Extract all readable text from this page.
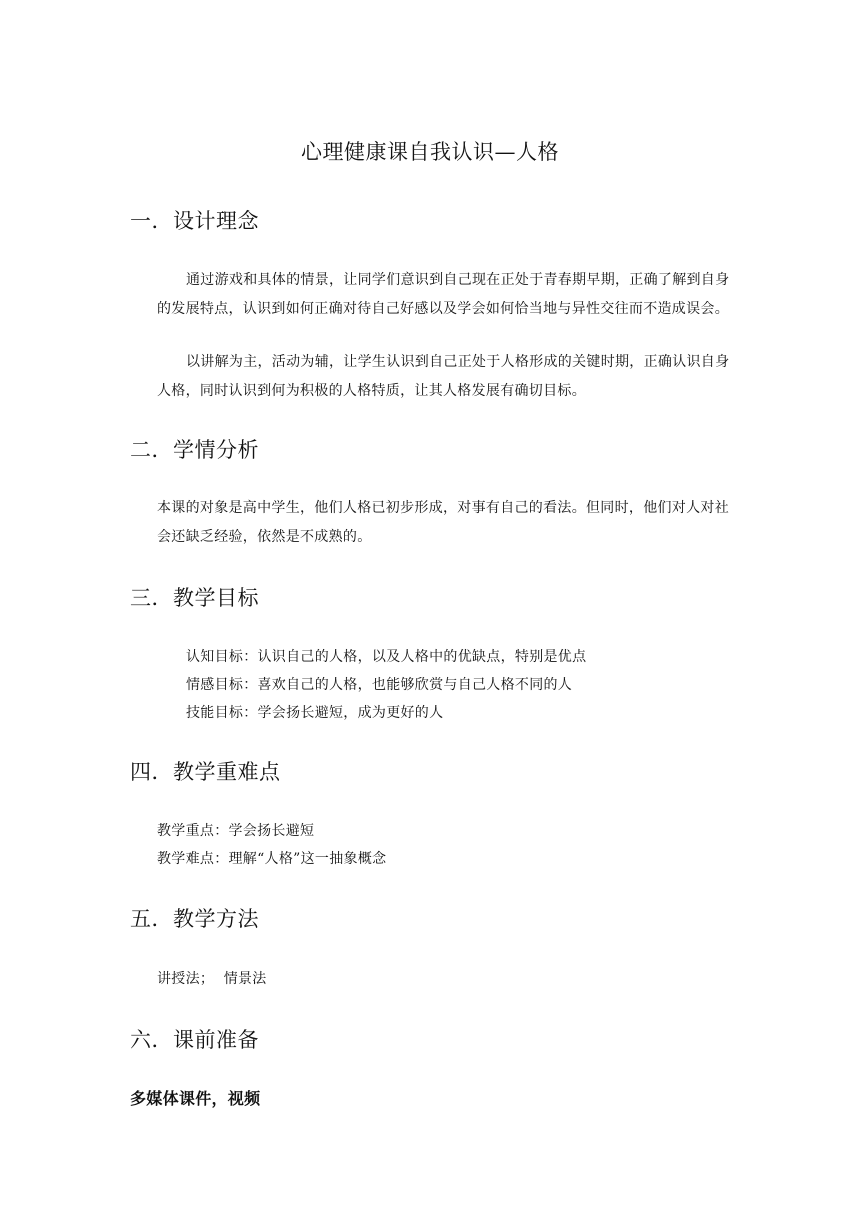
心理健康课自我认识—人格
一．设计理念
通过游戏和具体的情景，让同学们意识到自己现在正处于青春期早期，正确了解到自身的发展特点，认识到如何正确对待自己好感以及学会如何恰当地与异性交往而不造成误会。
以讲解为主，活动为辅，让学生认识到自己正处于人格形成的关键时期，正确认识自身人格，同时认识到何为积极的人格特质，让其人格发展有确切目标。
二．学情分析
本课的对象是高中学生，他们人格已初步形成，对事有自己的看法。但同时，他们对人对社会还缺乏经验，依然是不成熟的。
三．教学目标
认知目标：认识自己的人格，以及人格中的优缺点，特别是优点
情感目标：喜欢自己的人格，也能够欣赏与自己人格不同的人
技能目标：学会扬长避短，成为更好的人
四．教学重难点
教学重点：学会扬长避短
教学难点：理解“人格”这一抽象概念
五．教学方法
讲授法；  情景法
六．课前准备
多媒体课件，视频
